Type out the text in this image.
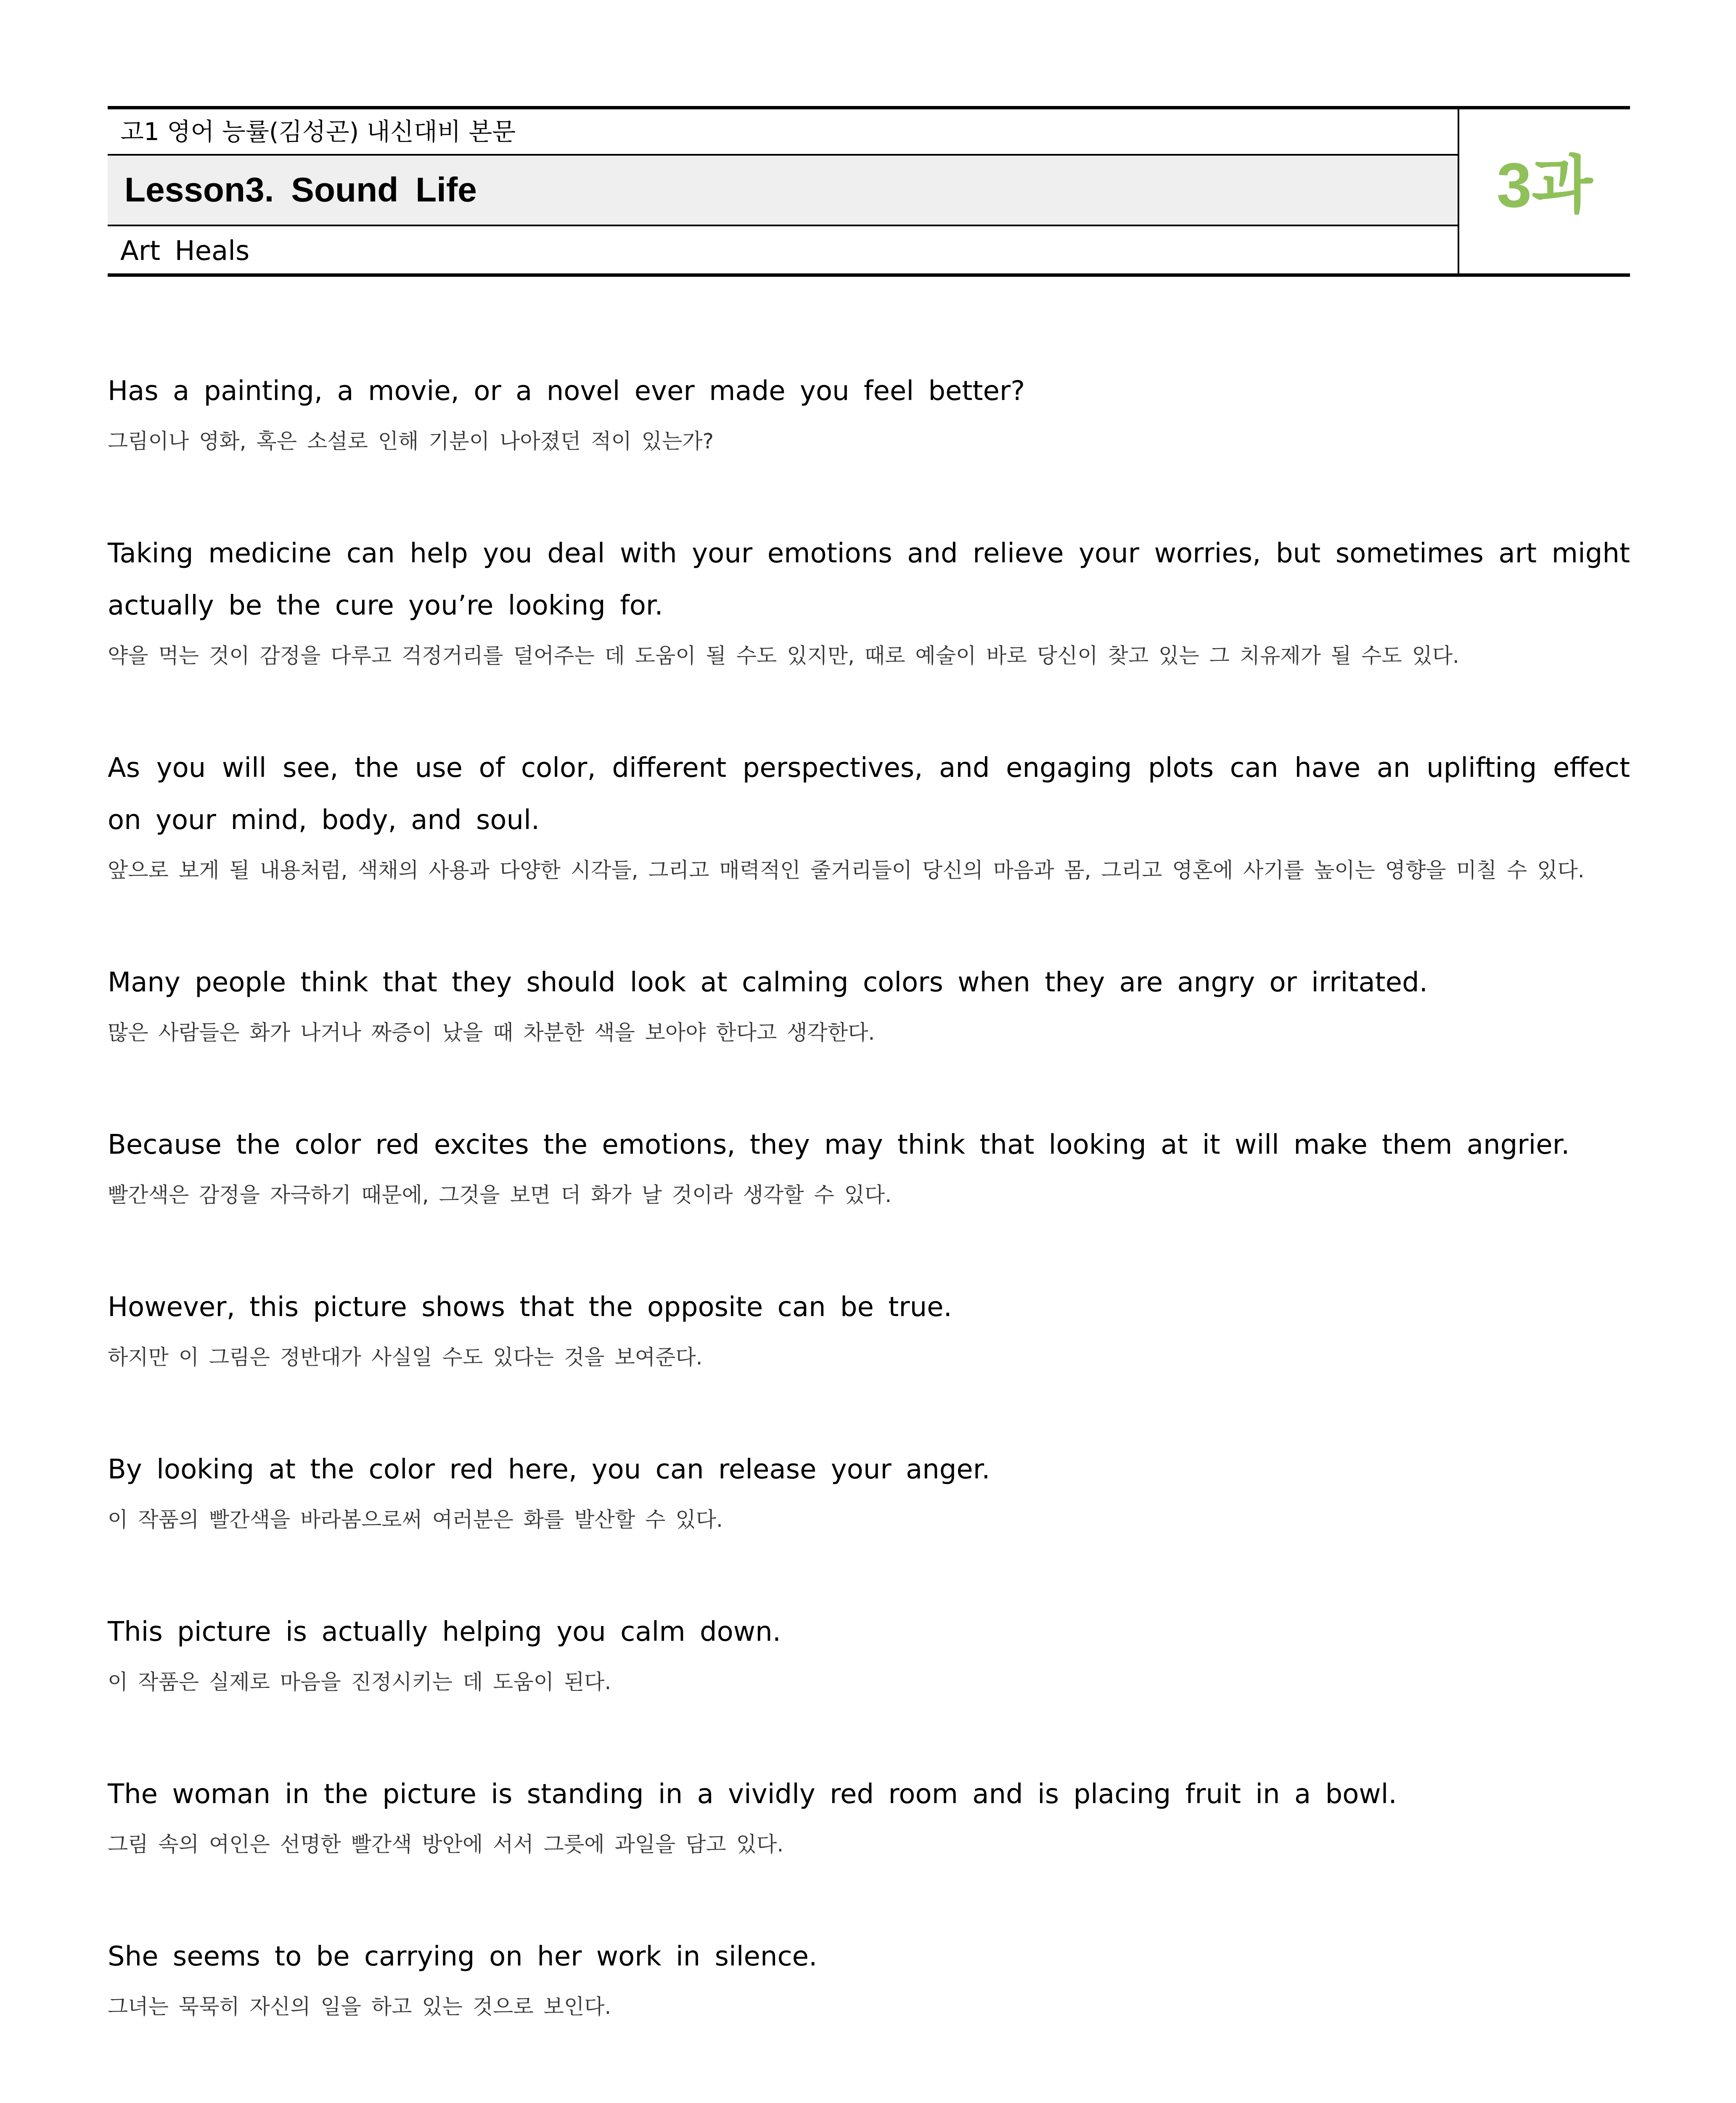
고1 영어 능률(김성곤) 내신대비 본문
Lesson3. Sound Life
Art Heals
3과
Has a painting, a movie, or a novel ever made you feel better?
그림이나 영화, 혹은 소설로 인해 기분이 나아졌던 적이 있는가?
Taking medicine can help you deal with your emotions and relieve your worries, but sometimes art might actually be the cure you’re looking for.
약을 먹는 것이 감정을 다루고 걱정거리를 덜어주는 데 도움이 될 수도 있지만, 때로 예술이 바로 당신이 찾고 있는 그 치유제가 될 수도 있다.
As you will see, the use of color, different perspectives, and engaging plots can have an uplifting effect on your mind, body, and soul.
앞으로 보게 될 내용처럼, 색채의 사용과 다양한 시각들, 그리고 매력적인 줄거리들이 당신의 마음과 몸, 그리고 영혼에 사기를 높이는 영향을 미칠 수 있다.
Many people think that they should look at calming colors when they are angry or irritated.
많은 사람들은 화가 나거나 짜증이 났을 때 차분한 색을 보아야 한다고 생각한다.
Because the color red excites the emotions, they may think that looking at it will make them angrier.
빨간색은 감정을 자극하기 때문에, 그것을 보면 더 화가 날 것이라 생각할 수 있다.
However, this picture shows that the opposite can be true.
하지만 이 그림은 정반대가 사실일 수도 있다는 것을 보여준다.
By looking at the color red here, you can release your anger.
이 작품의 빨간색을 바라봄으로써 여러분은 화를 발산할 수 있다.
This picture is actually helping you calm down.
이 작품은 실제로 마음을 진정시키는 데 도움이 된다.
The woman in the picture is standing in a vividly red room and is placing fruit in a bowl.
그림 속의 여인은 선명한 빨간색 방안에 서서 그릇에 과일을 담고 있다.
She seems to be carrying on her work in silence.
그녀는 묵묵히 자신의 일을 하고 있는 것으로 보인다.
